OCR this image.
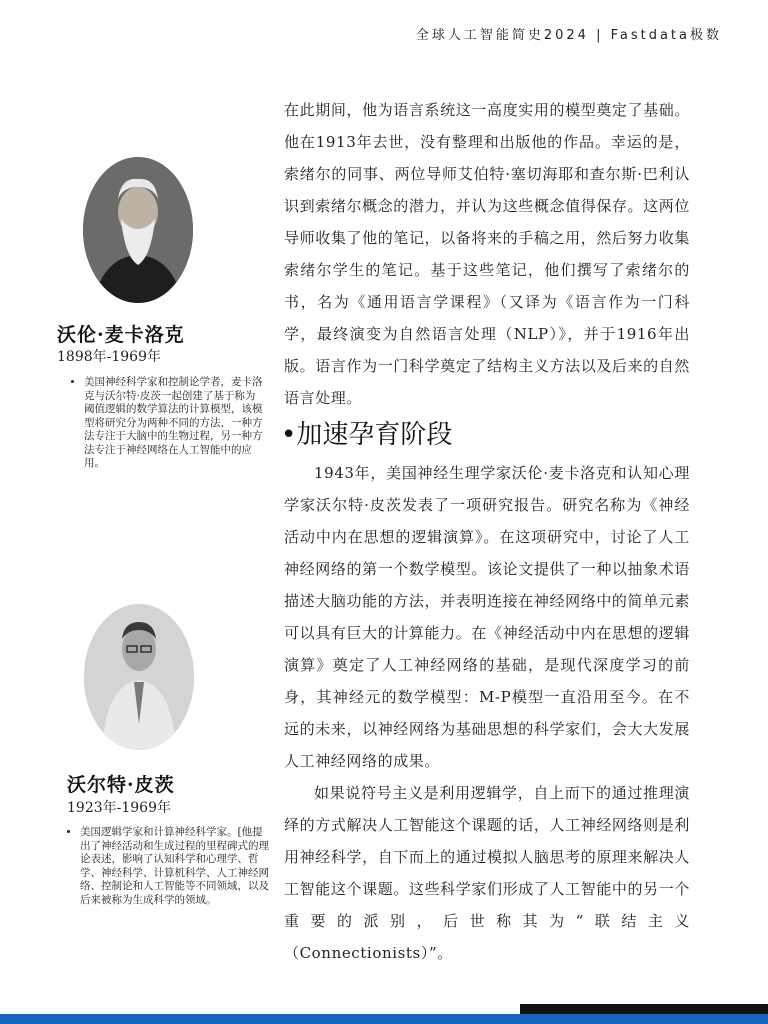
全球人工智能简史2024 | Fastdata极数
沃伦·麦卡洛克
1898年-1969年
• 美国神经科学家和控制论学者，麦卡洛克与沃尔特·皮茨一起创建了基于称为阈值逻辑的数学算法的计算模型，该模型将研究分为两种不同的方法，一种方法专注于大脑中的生物过程，另一种方法专注于神经网络在人工智能中的应用。
沃尔特·皮茨
1923年-1969年
• 美国逻辑学家和计算神经科学家。[他提出了神经活动和生成过程的里程碑式的理论表述，影响了认知科学和心理学、哲学、神经科学、计算机科学、人工神经网络、控制论和人工智能等不同领域，以及后来被称为生成科学的领域。

在此期间，他为语言系统这一高度实用的模型奠定了基础。他在1913年去世，没有整理和出版他的作品。幸运的是，索绪尔的同事、两位导师艾伯特·塞切海耶和查尔斯·巴利认识到索绪尔概念的潜力，并认为这些概念值得保存。这两位导师收集了他的笔记，以备将来的手稿之用，然后努力收集索绪尔学生的笔记。基于这些笔记，他们撰写了索绪尔的书，名为《通用语言学课程》（又译为《语言作为一门科学，最终演变为自然语言处理（NLP）》，并于1916年出版。语言作为一门科学奠定了结构主义方法以及后来的自然语言处理。

•加速孕育阶段

1943年，美国神经生理学家沃伦·麦卡洛克和认知心理学家沃尔特·皮茨发表了一项研究报告。研究名称为《神经活动中内在思想的逻辑演算》。在这项研究中，讨论了人工神经网络的第一个数学模型。该论文提供了一种以抽象术语描述大脑功能的方法，并表明连接在神经网络中的简单元素可以具有巨大的计算能力。在《神经活动中内在思想的逻辑演算》奠定了人工神经网络的基础，是现代深度学习的前身，其神经元的数学模型：M-P模型一直沿用至今。在不远的未来，以神经网络为基础思想的科学家们，会大大发展人工神经网络的成果。

如果说符号主义是利用逻辑学，自上而下的通过推理演绎的方式解决人工智能这个课题的话，人工神经网络则是利用神经科学，自下而上的通过模拟人脑思考的原理来解决人工智能这个课题。这些科学家们形成了人工智能中的另一个重要的派别，后世称其为“联结主义（Connectionists）”。
